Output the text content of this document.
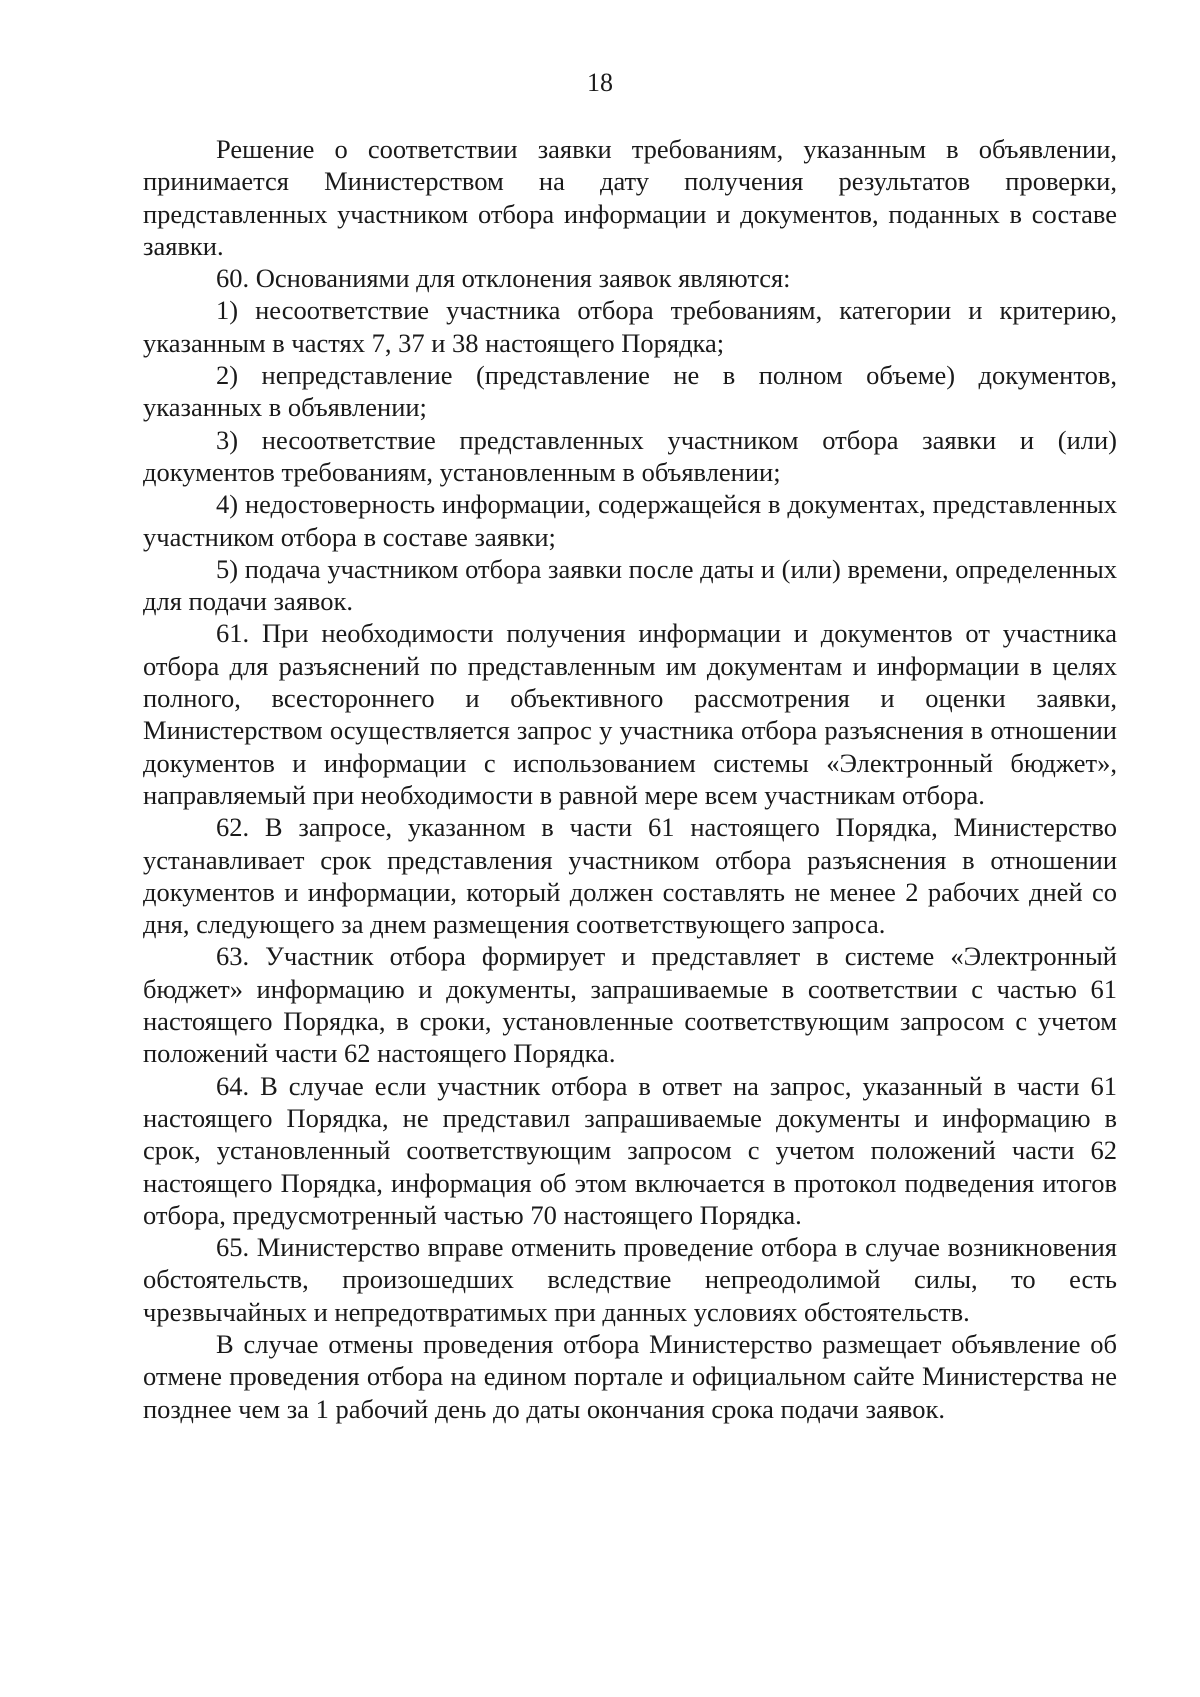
18

Решение о соответствии заявки требованиям, указанным в объявлении, принимается Министерством на дату получения результатов проверки, представленных участником отбора информации и документов, поданных в составе заявки.

60. Основаниями для отклонения заявок являются:

1) несоответствие участника отбора требованиям, категории и критерию, указанным в частях 7, 37 и 38 настоящего Порядка;

2) непредставление (представление не в полном объеме) документов, указанных в объявлении;

3) несоответствие представленных участником отбора заявки и (или) документов требованиям, установленным в объявлении;

4) недостоверность информации, содержащейся в документах, представленных участником отбора в составе заявки;

5) подача участником отбора заявки после даты и (или) времени, определенных для подачи заявок.

61. При необходимости получения информации и документов от участника отбора для разъяснений по представленным им документам и информации в целях полного, всестороннего и объективного рассмотрения и оценки заявки, Министерством осуществляется запрос у участника отбора разъяснения в отношении документов и информации с использованием системы «Электронный бюджет», направляемый при необходимости в равной мере всем участникам отбора.

62. В запросе, указанном в части 61 настоящего Порядка, Министерство устанавливает срок представления участником отбора разъяснения в отношении документов и информации, который должен составлять не менее 2 рабочих дней со дня, следующего за днем размещения соответствующего запроса.

63. Участник отбора формирует и представляет в системе «Электронный бюджет» информацию и документы, запрашиваемые в соответствии с частью 61 настоящего Порядка, в сроки, установленные соответствующим запросом с учетом положений части 62 настоящего Порядка.

64. В случае если участник отбора в ответ на запрос, указанный в части 61 настоящего Порядка, не представил запрашиваемые документы и информацию в срок, установленный соответствующим запросом с учетом положений части 62 настоящего Порядка, информация об этом включается в протокол подведения итогов отбора, предусмотренный частью 70 настоящего Порядка.

65. Министерство вправе отменить проведение отбора в случае возникновения обстоятельств, произошедших вследствие непреодолимой силы, то есть чрезвычайных и непредотвратимых при данных условиях обстоятельств.

В случае отмены проведения отбора Министерство размещает объявление об отмене проведения отбора на едином портале и официальном сайте Министерства не позднее чем за 1 рабочий день до даты окончания срока подачи заявок.
